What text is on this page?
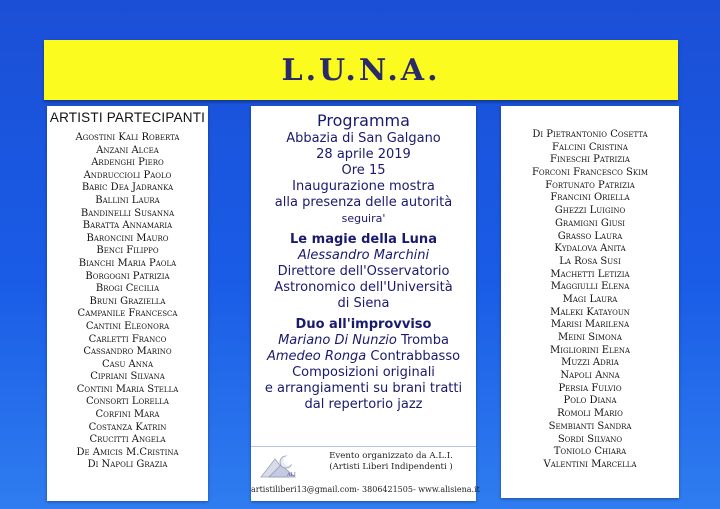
L.U.N.A.
ARTISTI PARTECIPANTI
Agostini Kali Roberta
Anzani Alcea
Ardenghi Piero
Andruccioli Paolo
Babic Dea Jadranka
Ballini Laura
Bandinelli Susanna
Baratta Annamaria
Baroncini Mauro
Benci Filippo
Bianchi Maria Paola
Borgogni Patrizia
Brogi Cecilia
Bruni Graziella
Campanile Francesca
Cantini Eleonora
Carletti Franco
Cassandro Marino
Casu Anna
Cipriani Silvana
Contini Maria Stella
Consorti Lorella
Corfini Mara
Costanza Katrin
Crucitti Angela
De Amicis M.Cristina
Di Napoli Grazia
Programma
Abbazia di San Galgano
28 aprile 2019
Ore 15
Inaugurazione mostra
alla presenza delle autorità
seguira'
Le magie della Luna
Alessandro Marchini
Direttore dell'Osservatorio
Astronomico dell'Università
di Siena
Duo all'improvviso
Mariano Di Nunzio Tromba
Amedeo Ronga Contrabbasso
Composizioni originali
e arrangiamenti su brani tratti
dal repertorio jazz
ALI
Evento organizzato da A.L.I.
(Artisti Liberi Indipendenti )
artistiliberi13@gmail.com- 3806421505- www.alisiena.it
Di Pietrantonio Cosetta
Falcini Cristina
Fineschi Patrizia
Forconi Francesco Skim
Fortunato Patrizia
Francini Oriella
Ghezzi Luigino
Gramigni Giusi
Grasso Laura
Kydalova Anita
La Rosa Susi
Machetti Letizia
Maggiulli Elena
Magi Laura
Maleki Katayoun
Marisi Marilena
Meini Simona
Migliorini Elena
Muzzi Adria
Napoli Anna
Persia Fulvio
Polo Diana
Romoli Mario
Sembianti Sandra
Sordi Silvano
Toniolo Chiara
Valentini Marcella
